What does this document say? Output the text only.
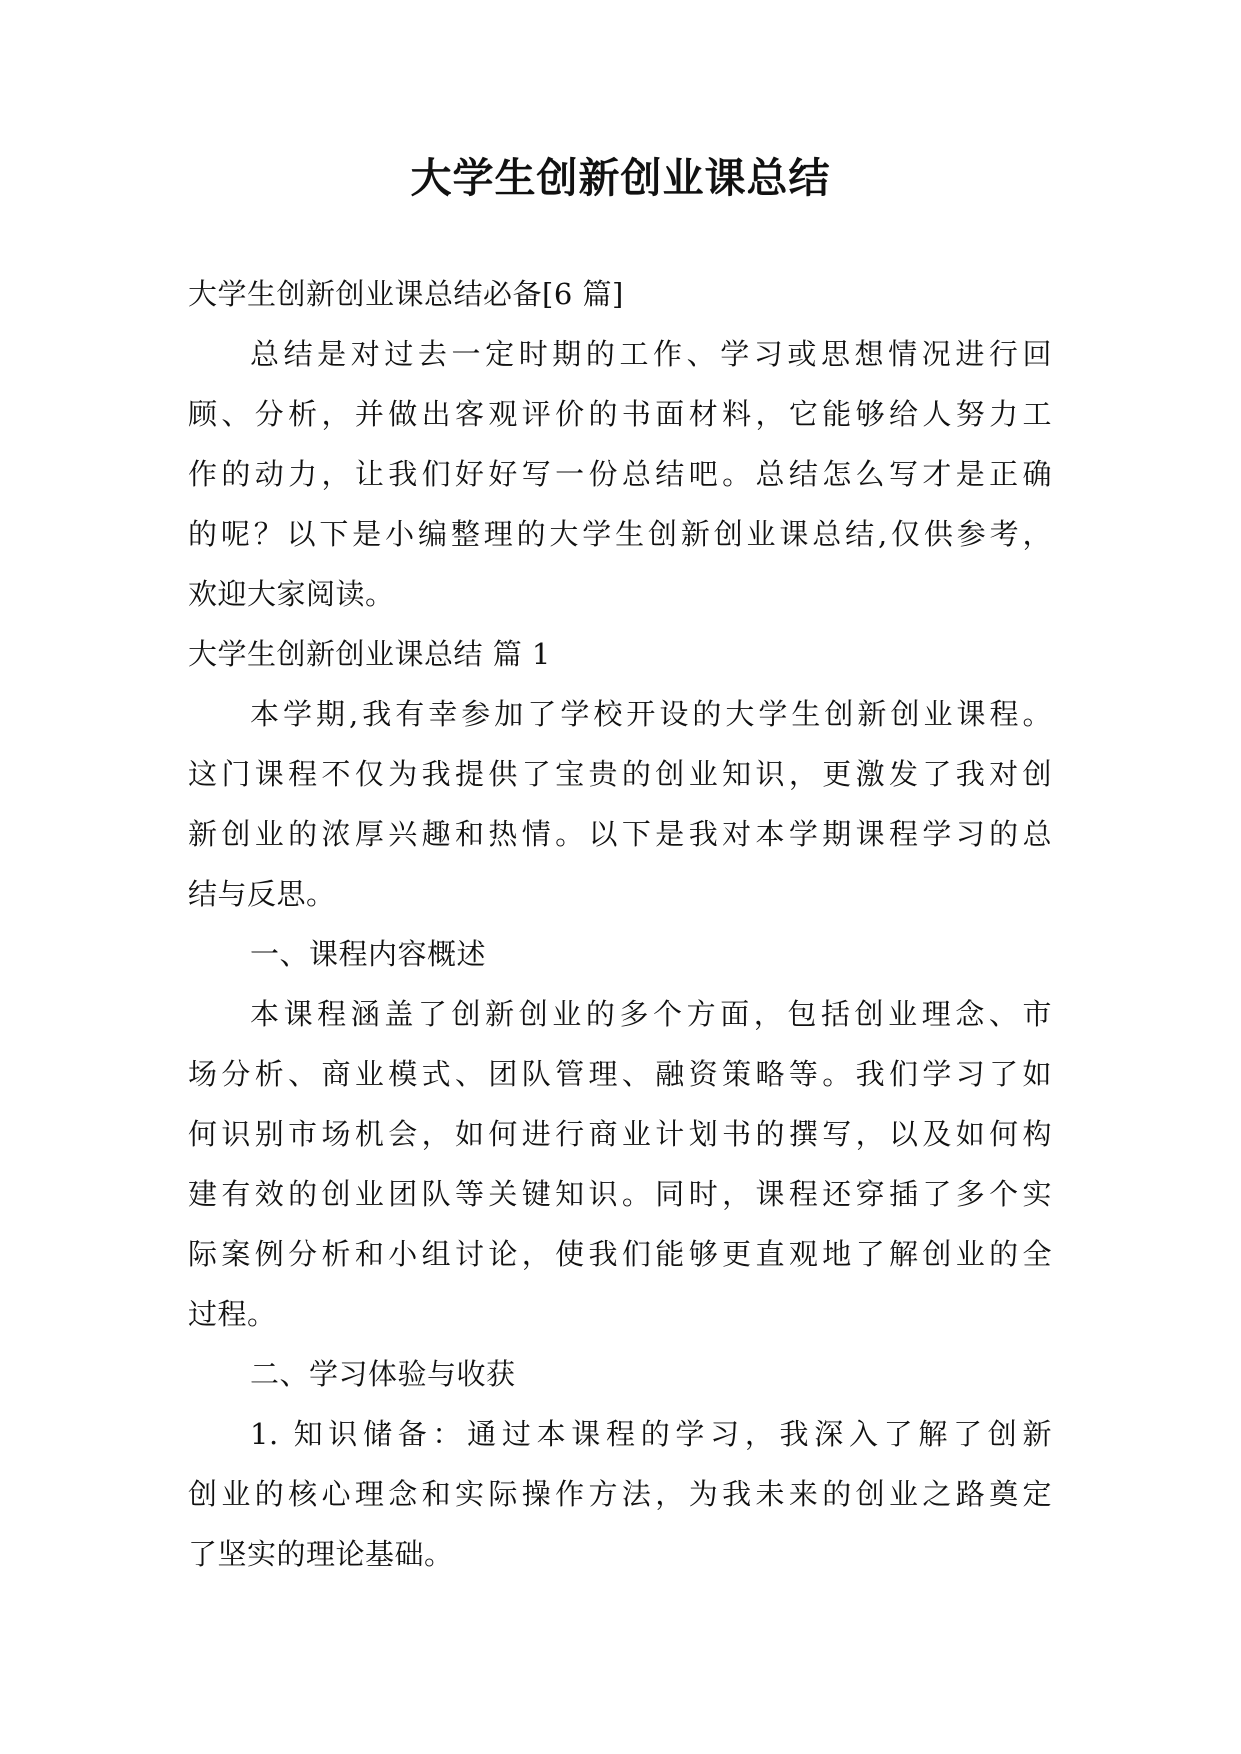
大学生创新创业课总结
大学生创新创业课总结必备[6 篇]
总结是对过去一定时期的工作、学习或思想情况进行回
顾、分析，并做出客观评价的书面材料，它能够给人努力工
作的动力，让我们好好写一份总结吧。总结怎么写才是正确
的呢？以下是小编整理的大学生创新创业课总结,仅供参考，
欢迎大家阅读。
大学生创新创业课总结 篇 1
本学期,我有幸参加了学校开设的大学生创新创业课程。
这门课程不仅为我提供了宝贵的创业知识，更激发了我对创
新创业的浓厚兴趣和热情。以下是我对本学期课程学习的总
结与反思。
一、课程内容概述
本课程涵盖了创新创业的多个方面，包括创业理念、市
场分析、商业模式、团队管理、融资策略等。我们学习了如
何识别市场机会，如何进行商业计划书的撰写，以及如何构
建有效的创业团队等关键知识。同时，课程还穿插了多个实
际案例分析和小组讨论，使我们能够更直观地了解创业的全
过程。
二、学习体验与收获
1. 知识储备：通过本课程的学习，我深入了解了创新
创业的核心理念和实际操作方法，为我未来的创业之路奠定
了坚实的理论基础。
